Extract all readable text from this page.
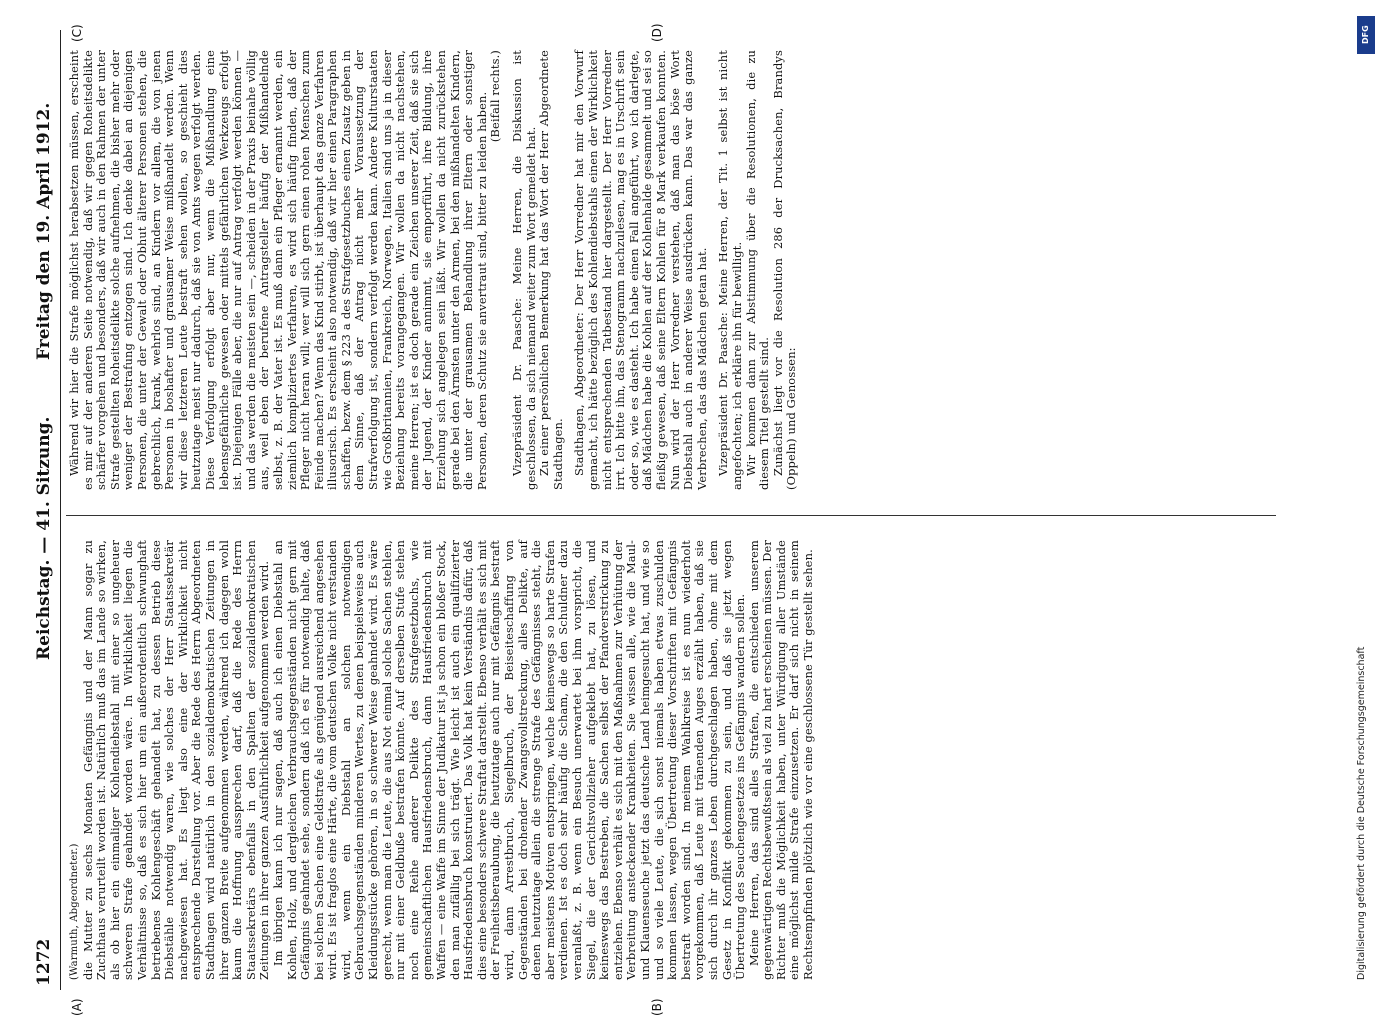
1272
Reichstag. — 41. Sitzung.
Freitag den 19. April 1912.
(A)	(B)
(C)	(D)

(Warmuth, Abgeordneter.) die Mutter zu sechs Monaten Gefängnis und der Mann sogar zu Zuchthaus verurteilt worden ist. Natürlich muß das im Lande so wirken, als ob hier ein einmaliger Kohlendiebstahl mit einer so ungeheuer schweren Strafe geahndet worden wäre. In Wirklichkeit liegen die Verhältnisse so, daß es sich hier um ein außerordentlich schwunghaft betriebenes Kohlengeschäft gehandelt hat, zu dessen Betrieb diese Diebstähle notwendig waren, wie solches der Herr Staatssekretär nachgewiesen hat. Es liegt also eine der Wirklichkeit nicht entsprechende Darstellung vor. Aber die Rede des Herrn Abgeordneten Stadthagen wird natürlich in den sozialdemokratischen Zeitungen in ihrer ganzen Breite aufgenommen werden, während ich dagegen wohl kaum die Hoffnung aussprechen darf, daß die Rede des Herrn Staatssekretärs ebenfalls in den Spalten der sozialdemokratischen Zeitungen in ihrer ganzen Ausführlichkeit aufgenommen werden wird. Im übrigen kann ich nur sagen, daß auch ich einen Diebstahl an Kohlen, Holz, und dergleichen Verbrauchsgegenständen nicht gern mit Gefängnis geahndet sehe, sondern daß ich es für notwendig halte, daß bei solchen Sachen eine Geldstrafe als genügend ausreichend angesehen wird. Es ist fraglos eine Härte, die vom deutschen Volke nicht verstanden wird, wenn ein Diebstahl an solchen notwendigen Gebrauchsgegenständen minderen Wertes, zu denen beispielsweise auch Kleidungsstücke gehören, in so schwerer Weise geahndet wird. Es wäre gerecht, wenn man die Leute, die aus Not einmal solche Sachen stehlen, nur mit einer Geldbuße bestrafen könnte. Auf derselben Stufe stehen noch eine Reihe anderer Delikte des Strafgesetzbuchs, wie gemeinschaftlichen Hausfriedensbruch, dann Hausfriedensbruch mit Waffen — eine Waffe im Sinne der Judikatur ist ja schon ein bloßer Stock, den man zufällig bei sich trägt. Wie leicht ist auch ein qualifizierter Hausfriedensbruch konstruiert. Das Volk hat kein Verständnis dafür, daß dies eine besonders schwere Straftat darstellt. Ebenso verhält es sich mit der Freiheitsberaubung, die heutzutage auch nur mit Gefängnis bestraft wird, dann Arrestbruch, Siegelbruch, der Beiseiteschaffung von Gegenständen bei drohender Zwangsvollstreckung, alles Delikte, auf denen heutzutage allein die strenge Strafe des Gefängnisses steht, die aber meistens Motiven entspringen, welche keineswegs so harte Strafen verdienen. Ist es doch sehr häufig die Scham, die den Schuldner dazu veranlaßt, z. B. wenn ein Besuch unerwartet bei ihm vorspricht, die Siegel, die der Gerichtsvollzieher aufgeklebt hat, zu lösen, und keineswegs das Bestreben, die Sachen selbst der Pfandverstrickung zu entziehen. Ebenso verhält es sich mit den Maßnahmen zur Verhütung der Verbreitung ansteckender Krankheiten. Sie wissen alle, wie die Maul- und Klauenseuche jetzt das deutsche Land heimgesucht hat, und wie so und so viele Leute, die sich sonst niemals haben etwas zuschulden kommen lassen, wegen Übertretung dieser Vorschriften mit Gefängnis bestraft worden sind. In meinem Wahlkreise ist es nun wiederholt vorgekommen, daß Leute mit tränenden Auges erzählt haben, daß sie sich durch ihr ganzes Leben durchgeschlagen haben, ohne mit dem Gesetz in Konflikt gekommen zu sein, und daß sie jetzt wegen Übertretung des Seuchengesetzes ins Gefängnis wandern sollen. Meine Herren, das sind alles Strafen, die entschieden unserem gegenwärtigen Rechtsbewußtsein als viel zu hart erscheinen müssen. Der Richter muß die Möglichkeit haben, unter Würdigung aller Umstände eine möglichst milde Strafe einzusetzen. Er darf sich nicht in seinem Rechtsempfinden plötzlich wie vor eine geschlossene Tür gestellt sehen.

Während wir hier die Strafe möglichst herabsetzen müssen, erscheint es mir auf der anderen Seite notwendig, daß wir gegen Roheitsdelikte schärfer vorgehen und besonders, daß wir auch in den Rahmen der unter Strafe gestellten Roheitsdelikte solche aufnehmen, die bisher mehr oder weniger der Bestrafung entzogen sind. Ich denke dabei an diejenigen Personen, die unter der Gewalt oder Obhut älterer Personen stehen, die gebrechlich, krank, wehrlos sind, an Kindern vor allem, die von jenen Personen in boshafter und grausamer Weise mißhandelt werden. Wenn wir diese letzteren Leute bestraft sehen wollen, so geschieht dies heutzutage meist nur dadurch, daß sie von Amts wegen verfolgt werden. Diese Verfolgung erfolgt aber nur, wenn die Mißhandlung eine lebensgefährliche gewesen oder mittels gefährlichen Werkzeugs erfolgt ist. Diejenigen Fälle aber, die nur auf Antrag verfolgt werden können — und das werden die meisten sein —, scheiden in der Praxis beinahe völlig aus, weil eben der berufene Antragsteller häufig der Mißhandelnde selbst, z. B. der Vater ist. Es muß dann ein Pfleger ernannt werden, ein ziemlich kompliziertes Verfahren, es wird sich häufig finden, daß der Pfleger nicht heran will; wer will sich gern einen rohen Menschen zum Feinde machen? Wenn das Kind stirbt, ist überhaupt das ganze Verfahren illusorisch. Es erscheint also notwendig, daß wir hier einen Paragraphen schaffen, bezw. dem § 223 a des Strafgesetzbuches einen Zusatz geben in dem Sinne, daß der Antrag nicht mehr Voraussetzung der Strafverfolgung ist, sondern verfolgt werden kann. Andere Kulturstaaten wie Großbritannien, Frankreich, Norwegen, Italien sind uns ja in dieser Beziehung bereits vorangegangen. Wir wollen da nicht nachstehen, meine Herren; ist es doch gerade ein Zeichen unserer Zeit, daß sie sich der Jugend, der Kinder annimmt, sie emporführt, ihre Bildung, ihre Erziehung sich angelegen sein läßt. Wir wollen da nicht zurückstehen gerade bei den Ärmsten unter den Armen, bei den mißhandelten Kindern, die unter der grausamen Behandlung ihrer Eltern oder sonstiger Personen, deren Schutz sie anvertraut sind, bitter zu leiden haben. (Beifall rechts.) Vizepräsident Dr. Paasche: Meine Herren, die Diskussion ist geschlossen, da sich niemand weiter zum Wort gemeldet hat. Zu einer persönlichen Bemerkung hat das Wort der Herr Abgeordnete Stadthagen. Stadthagen, Abgeordneter: Der Herr Vorredner hat mir den Vorwurf gemacht, ich hätte bezüglich des Kohlendiebstahls einen der Wirklichkeit nicht entsprechenden Tatbestand hier dargestellt. Der Herr Vorredner irrt. Ich bitte ihn, das Stenogramm nachzulesen, mag es in Urschrift sein oder so, wie es dasteht. Ich habe einen Fall angeführt, wo ich darlegte, daß Mädchen habe die Kohlen auf der Kohlenhalde gesammelt und sei so fleißig gewesen, daß seine Eltern Kohlen für 8 Mark verkaufen konnten. Nun wird der Herr Vorredner verstehen, daß man das böse Wort Diebstahl auch in anderer Weise ausdrücken kann. Das war das ganze Verbrechen, das das Mädchen getan hat. Vizepräsident Dr. Paasche: Meine Herren, der Tit. 1 selbst ist nicht angefochten; ich erkläre ihn für bewilligt. Wir kommen dann zur Abstimmung über die Resolutionen, die zu diesem Titel gestellt sind. Zunächst liegt vor die Resolution 286 der Drucksachen, Brandys (Oppeln) und Genossen:

DFG
Digitalisierung gefördert durch die Deutsche Forschungsgemeinschaft
